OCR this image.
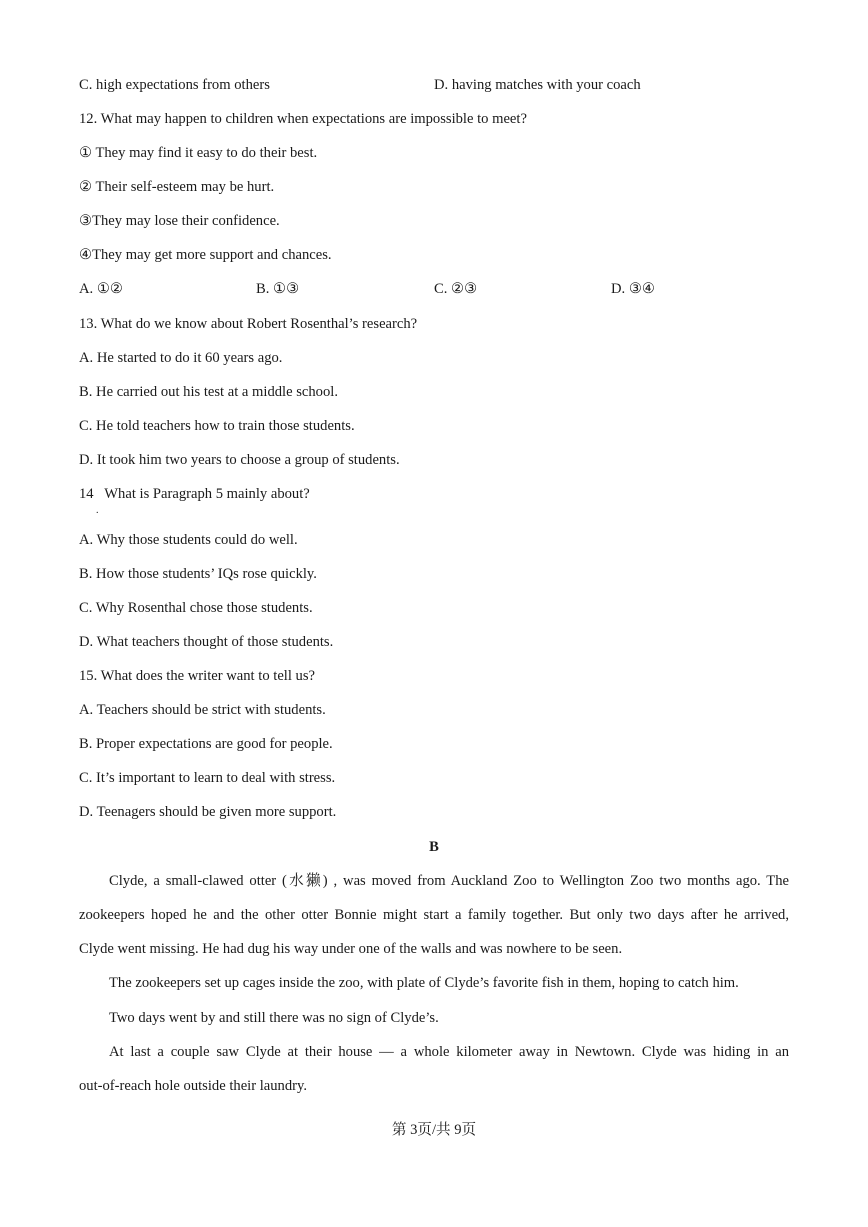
C. high expectations from others	D. having matches with your coach
12. What may happen to children when expectations are impossible to meet?
① They may find it easy to do their best.
② Their self-esteem may be hurt.
③They may lose their confidence.
④They may get more support and chances.
A. ①②	B. ①③	C. ②③	D. ③④
13. What do we know about Robert Rosenthal’s research?
A. He started to do it 60 years ago.
B. He carried out his test at a middle school.
C. He told teachers how to train those students.
D. It took him two years to choose a group of students.
14   What is Paragraph 5 mainly about?
.
A. Why those students could do well.
B. How those students’ IQs rose quickly.
C. Why Rosenthal chose those students.
D. What teachers thought of those students.
15. What does the writer want to tell us?
A. Teachers should be strict with students.
B. Proper expectations are good for people.
C. It’s important to learn to deal with stress.
D. Teenagers should be given more support.
B
Clyde, a small-clawed otter (水獭) , was moved from Auckland Zoo to Wellington Zoo two months ago. The
zookeepers hoped he and the other otter Bonnie might start a family together. But only two days after he arrived,
Clyde went missing. He had dug his way under one of the walls and was nowhere to be seen.
The zookeepers set up cages inside the zoo, with plate of Clyde’s favorite fish in them, hoping to catch him.
Two days went by and still there was no sign of Clyde’s.
At last a couple saw Clyde at their house — a whole kilometer away in Newtown. Clyde was hiding in an
out-of-reach hole outside their laundry.
第 3页/共 9页
